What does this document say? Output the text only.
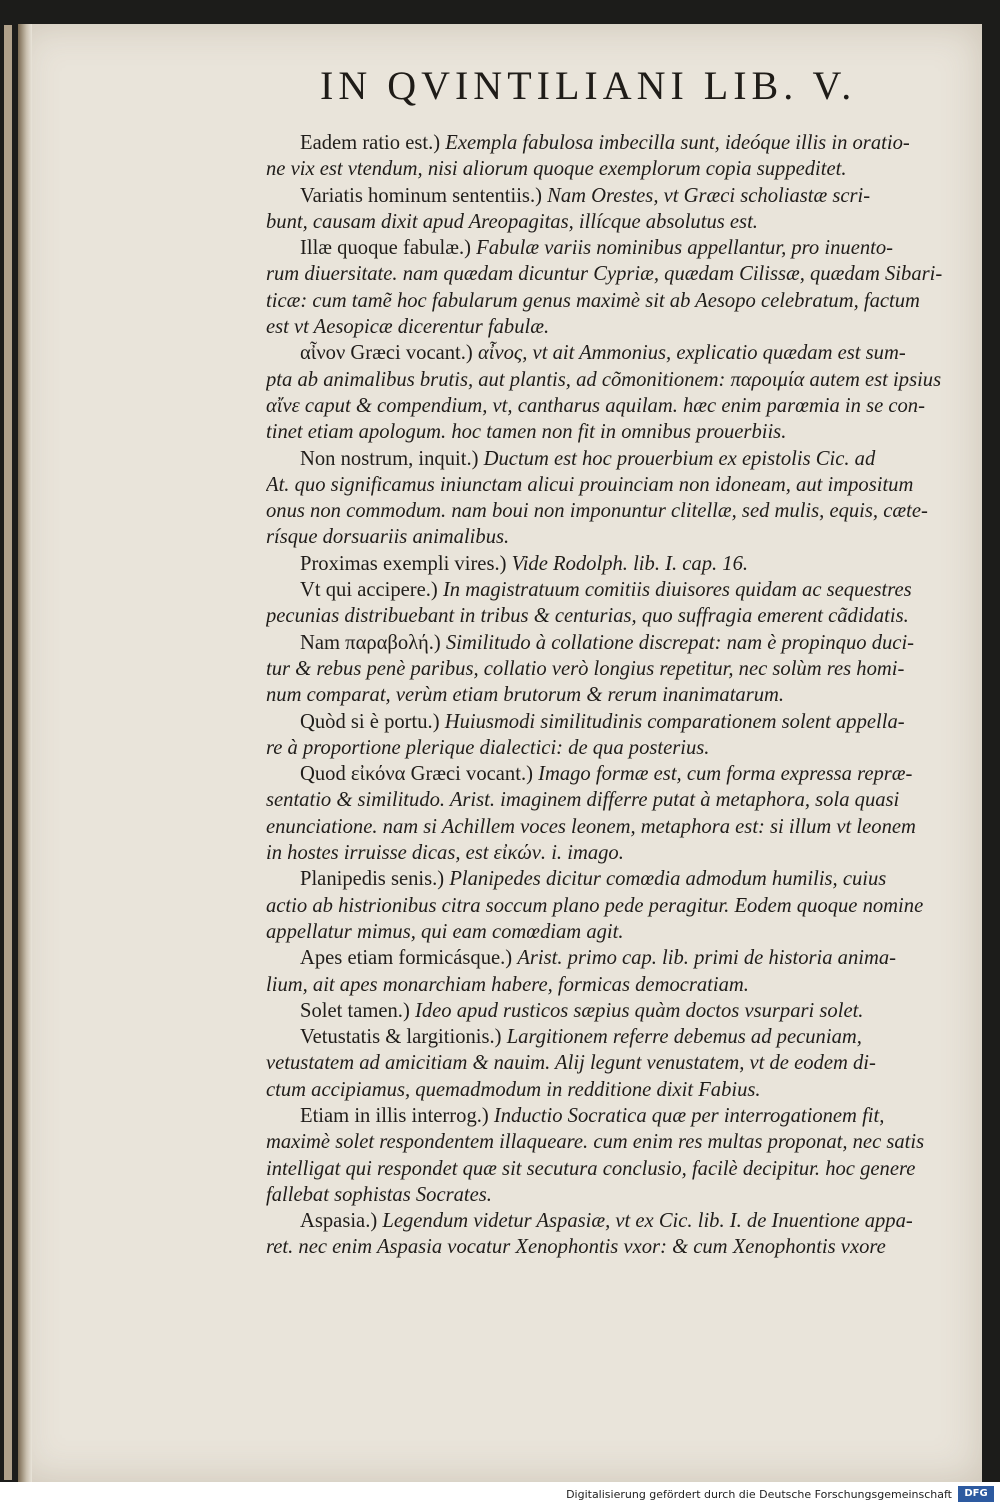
IN QVINTILIANI LIB. V.
Eadem ratio est.) Exempla fabulosa imbecilla sunt, ideóque illis in oratio-
ne vix est vtendum, nisi aliorum quoque exemplorum copia suppeditet.
Variatis hominum sententiis.) Nam Orestes, vt Græci scholiastæ scri-
bunt, causam dixit apud Areopagitas, illícque absolutus est.
Illæ quoque fabulæ.) Fabulæ variis nominibus appellantur, pro inuento-
rum diuersitate. nam quædam dicuntur Cypriæ, quædam Cilissæ, quædam Sibari-
ticæ: cum tamẽ hoc fabularum genus maximè sit ab Aesopo celebratum, factum
est vt Aesopicæ dicerentur fabulæ.
αἶνον Græci vocant.) αἶνος, vt ait Ammonius, explicatio quædam est sum-
pta ab animalibus brutis, aut plantis, ad cõmonitionem: παροιμία autem est ipsius
αἴνε caput & compendium, vt, cantharus aquilam. hæc enim parœmia in se con-
tinet etiam apologum. hoc tamen non fit in omnibus prouerbiis.
Non nostrum, inquit.) Ductum est hoc prouerbium ex epistolis Cic. ad
At. quo significamus iniunctam alicui prouinciam non idoneam, aut impositum
onus non commodum. nam boui non imponuntur clitellæ, sed mulis, equis, cæte-
rísque dorsuariis animalibus.
Proximas exempli vires.) Vide Rodolph. lib. I. cap. 16.
Vt qui accipere.) In magistratuum comitiis diuisores quidam ac sequestres
pecunias distribuebant in tribus & centurias, quo suffragia emerent cãdidatis.
Nam παραβολή.) Similitudo à collatione discrepat: nam è propinquo duci-
tur & rebus penè paribus, collatio verò longius repetitur, nec solùm res homi-
num comparat, verùm etiam brutorum & rerum inanimatarum.
Quòd si è portu.) Huiusmodi similitudinis comparationem solent appella-
re à proportione plerique dialectici: de qua posterius.
Quod εἰκόνα Græci vocant.) Imago formæ est, cum forma expressa repræ-
sentatio & similitudo. Arist. imaginem differre putat à metaphora, sola quasi
enunciatione. nam si Achillem voces leonem, metaphora est: si illum vt leonem
in hostes irruisse dicas, est εἰκών. i. imago.
Planipedis senis.) Planipedes dicitur comœdia admodum humilis, cuius
actio ab histrionibus citra soccum plano pede peragitur. Eodem quoque nomine
appellatur mimus, qui eam comœdiam agit.
Apes etiam formicásque.) Arist. primo cap. lib. primi de historia anima-
lium, ait apes monarchiam habere, formicas democratiam.
Solet tamen.) Ideo apud rusticos sæpius quàm doctos vsurpari solet.
Vetustatis & largitionis.) Largitionem referre debemus ad pecuniam,
vetustatem ad amicitiam & nauim. Alij legunt venustatem, vt de eodem di-
ctum accipiamus, quemadmodum in redditione dixit Fabius.
Etiam in illis interrog.) Inductio Socratica quæ per interrogationem fit,
maximè solet respondentem illaqueare. cum enim res multas proponat, nec satis
intelligat qui respondet quæ sit secutura conclusio, facilè decipitur. hoc genere
fallebat sophistas Socrates.
Aspasia.) Legendum videtur Aspasiæ, vt ex Cic. lib. I. de Inuentione appa-
ret. nec enim Aspasia vocatur Xenophontis vxor: & cum Xenophontis vxore
Digitalisierung gefördert durch die Deutsche Forschungsgemeinschaft	DFG
